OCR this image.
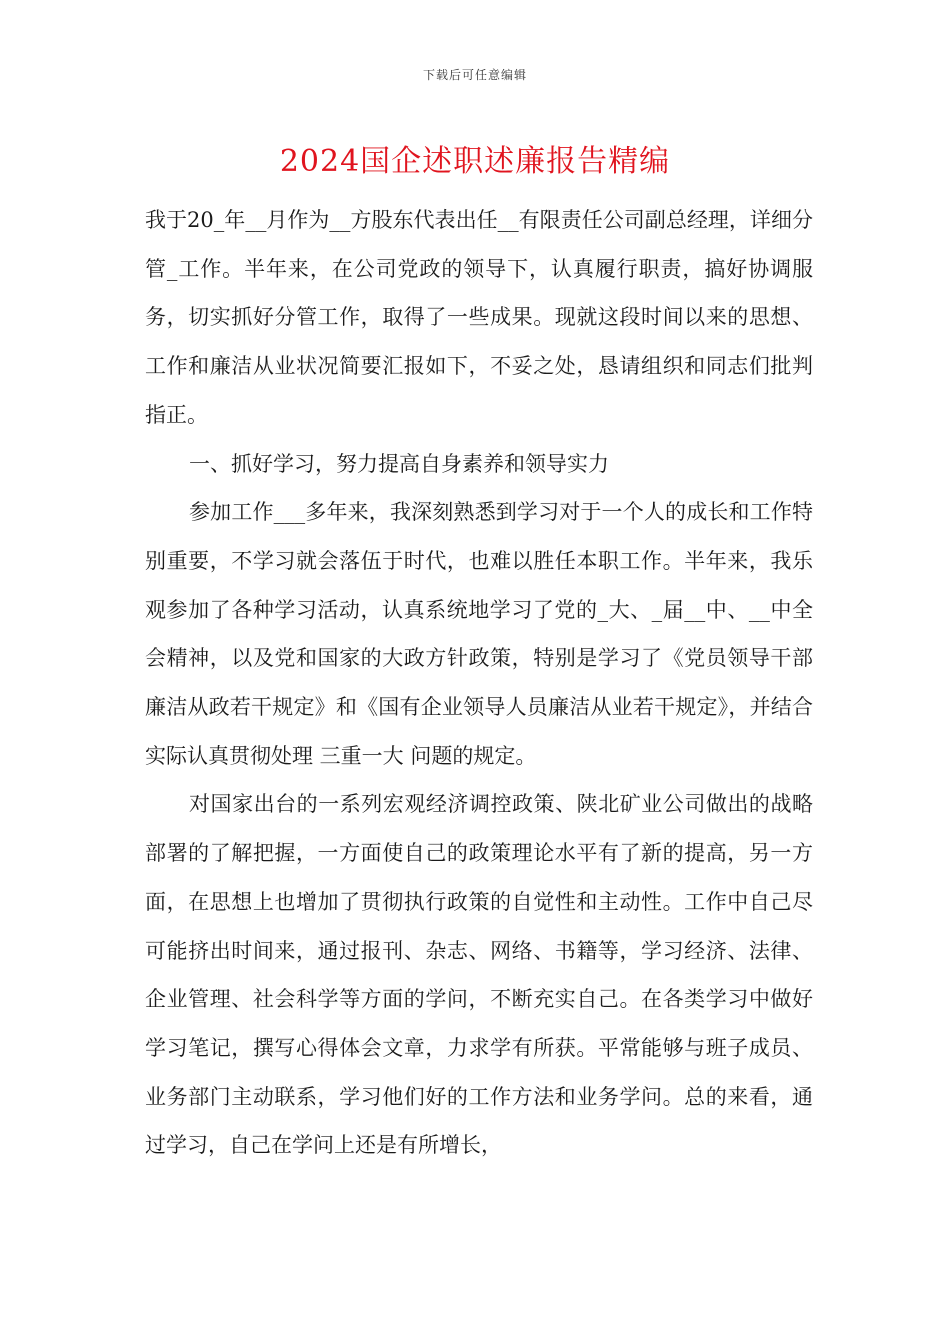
下载后可任意编辑
2024国企述职述廉报告精编

我于20_年__月作为__方股东代表出任__有限责任公司副总经理，详细分管_工作。半年来，在公司党政的领导下，认真履行职责，搞好协调服务，切实抓好分管工作，取得了一些成果。现就这段时间以来的思想、工作和廉洁从业状况简要汇报如下，不妥之处，恳请组织和同志们批判指正。

一、抓好学习，努力提高自身素养和领导实力

参加工作___多年来，我深刻熟悉到学习对于一个人的成长和工作特别重要，不学习就会落伍于时代，也难以胜任本职工作。半年来，我乐观参加了各种学习活动，认真系统地学习了党的_大、_届__中、__中全会精神，以及党和国家的大政方针政策，特别是学习了《党员领导干部廉洁从政若干规定》和《国有企业领导人员廉洁从业若干规定》，并结合实际认真贯彻处理 三重一大 问题的规定。

对国家出台的一系列宏观经济调控政策、陕北矿业公司做出的战略部署的了解把握，一方面使自己的政策理论水平有了新的提高，另一方面，在思想上也增加了贯彻执行政策的自觉性和主动性。工作中自己尽可能挤出时间来，通过报刊、杂志、网络、书籍等，学习经济、法律、企业管理、社会科学等方面的学问，不断充实自己。在各类学习中做好学习笔记，撰写心得体会文章，力求学有所获。平常能够与班子成员、业务部门主动联系，学习他们好的工作方法和业务学问。总的来看，通过学习，自己在学问上还是有所增长，
